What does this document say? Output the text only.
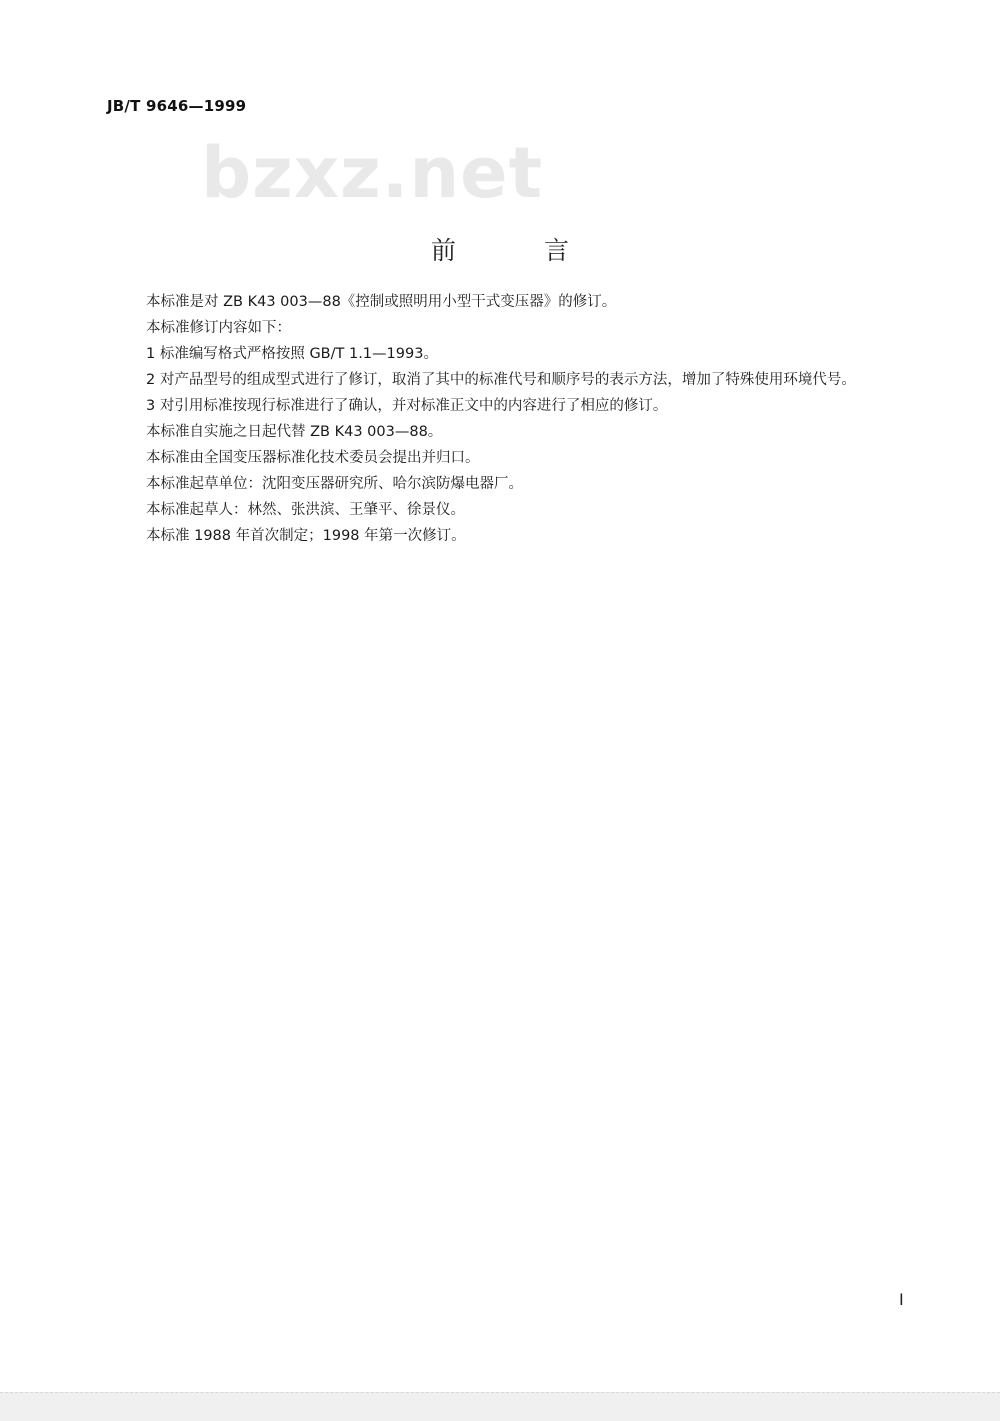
JB/T 9646—1999
bzxz.net
前 言

本标准是对 ZB K43 003—88《控制或照明用小型干式变压器》的修订。

本标准修订内容如下：

1 标准编写格式严格按照 GB/T 1.1—1993。

2 对产品型号的组成型式进行了修订，取消了其中的标准代号和顺序号的表示方法，增加了特殊使用环境代号。

3 对引用标准按现行标准进行了确认，并对标准正文中的内容进行了相应的修订。

本标准自实施之日起代替 ZB K43 003—88。

本标准由全国变压器标准化技术委员会提出并归口。

本标准起草单位：沈阳变压器研究所、哈尔滨防爆电器厂。

本标准起草人：林然、张洪滨、王肇平、徐景仪。

本标准 1988 年首次制定；1998 年第一次修订。

I
